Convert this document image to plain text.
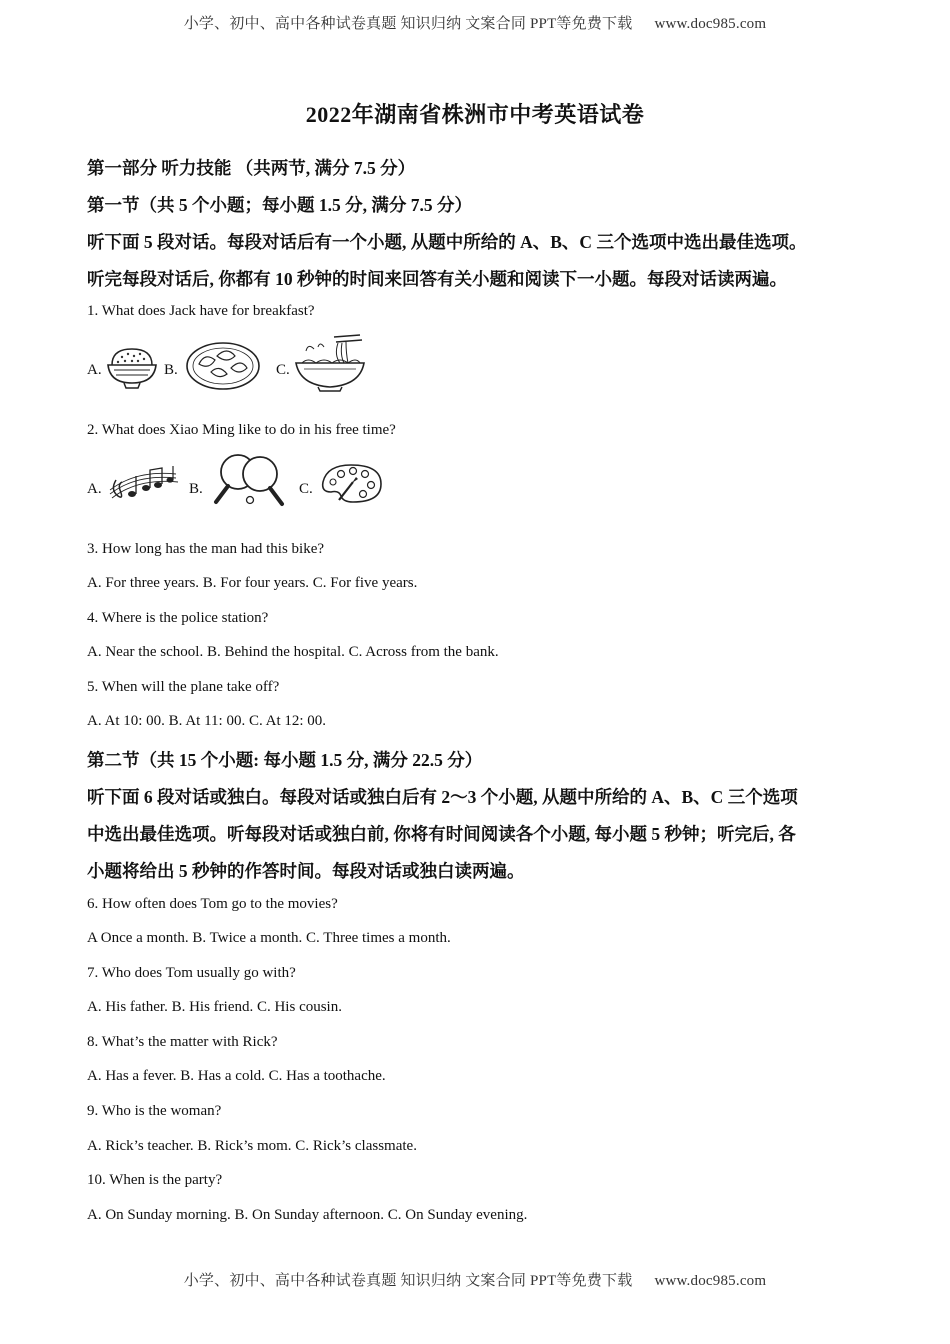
小学、初中、高中各种试卷真题 知识归纳 文案合同 PPT等免费下载 www.doc985.com
2022年湖南省株洲市中考英语试卷
第一部分 听力技能 （共两节, 满分 7.5 分）
第一节（共 5 个小题；每小题 1.5 分, 满分 7.5 分）
听下面 5 段对话。每段对话后有一个小题, 从题中所给的 A、B、C 三个选项中选出最佳选项。
听完每段对话后, 你都有 10 秒钟的时间来回答有关小题和阅读下一小题。每段对话读两遍。
1. What does Jack have for breakfast?
A.	B.	C.
2. What does Xiao Ming like to do in his free time?
A.	B.	C.
3. How long has the man had this bike?
A. For three years. B. For four years. C. For five years.
4. Where is the police station?
A. Near the school. B. Behind the hospital. C. Across from the bank.
5. When will the plane take off?
A. At 10: 00. B. At 11: 00. C. At 12: 00.
第二节（共 15 个小题: 每小题 1.5 分, 满分 22.5 分）
听下面 6 段对话或独白。每段对话或独白后有 2～3 个小题, 从题中所给的 A、B、C 三个选项
中选出最佳选项。听每段对话或独白前, 你将有时间阅读各个小题, 每小题 5 秒钟；听完后, 各
小题将给出 5 秒钟的作答时间。每段对话或独白读两遍。
6. How often does Tom go to the movies?
A Once a month. B. Twice a month. C. Three times a month.
7. Who does Tom usually go with?
A. His father. B. His friend. C. His cousin.
8. What’s the matter with Rick?
A. Has a fever. B. Has a cold. C. Has a toothache.
9. Who is the woman?
A. Rick’s teacher. B. Rick’s mom. C. Rick’s classmate.
10. When is the party?
A. On Sunday morning. B. On Sunday afternoon. C. On Sunday evening.
小学、初中、高中各种试卷真题 知识归纳 文案合同 PPT等免费下载 www.doc985.com
